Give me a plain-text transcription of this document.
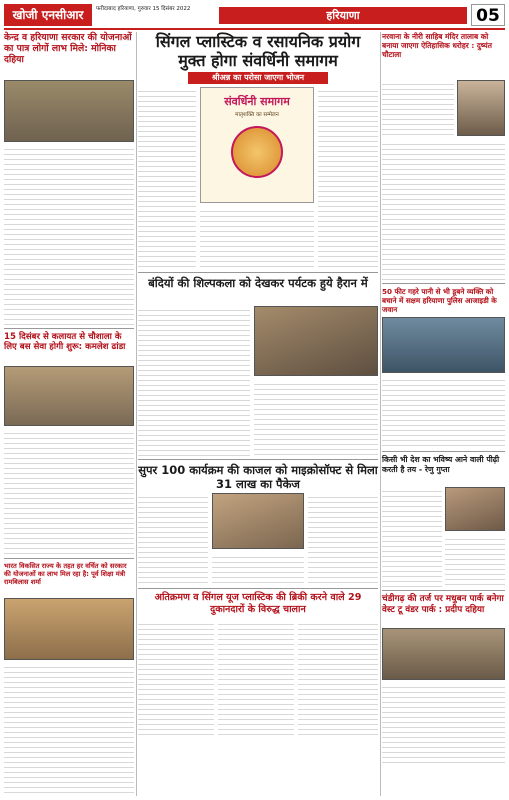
खोजी एनसीआर	फरीदाबाद हरियाणा, गुरुवार 15 दिसंबर 2022	हरियाणा	05
केन्द्र व हरियाणा सरकार की योजनाओं का पात्र लोगों लाभ मिले: मोनिका दहिया
15 दिसंबर से कलायत से चौशाला के लिए बस सेवा होगी शुरू: कमलेश ढांडा
भारत विकसित राज्य के तहत हर वर्चित को सरकार की योजनाओं का लाभ मिल रहा है: पूर्व शिक्षा मंत्री रामबिलास शर्मा
सिंगल प्लास्टिक व रसायनिक प्रयोग
मुक्त होगा संवर्धिनी समागम
श्रीअन्न का परोसा जाएगा भोजन
संवर्धिनी समागम
मातृशक्ति का सम्मेलन
बंदियों की शिल्पकला को देखकर पर्यटक हुये हैरान में
सुपर 100 कार्यक्रम की काजल को माइक्रोसॉफ्ट से मिला 31 लाख का पैकेज
अतिक्रमण व सिंगल यूज प्लास्टिक की ब्रिकी करने वाले 29 दुकानदारों के विरुद्ध चालान
नरवाना के नीरी साहिब मंदिर तालाब को बनाया जाएगा ऐतिहासिक धरोहर : दुष्यंत चौटाला
50 फीट गहरे पानी से भी डूबने व्यक्ति को बचाने में सक्षम हरियाणा पुलिस आजाइडी के जवान
किसी भी देश का भविष्य आने वाली पीढ़ी करती है तय - रेणु गुप्ता
चंडीगढ़ की तर्ज पर मधुबन पार्क बनेगा वेस्ट टू वंडर पार्क : प्रदीप दहिया
